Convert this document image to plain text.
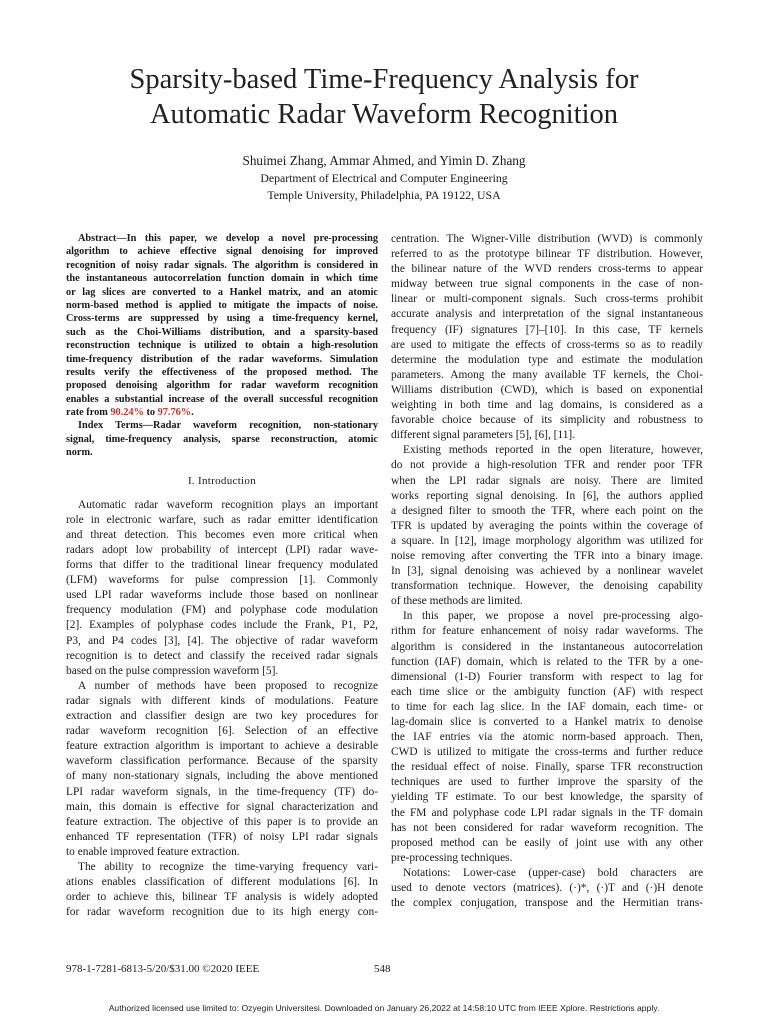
Sparsity-based Time-Frequency Analysis for
Automatic Radar Waveform Recognition
Shuimei Zhang, Ammar Ahmed, and Yimin D. Zhang
Department of Electrical and Computer Engineering
Temple University, Philadelphia, PA 19122, USA
Abstract—In this paper, we develop a novel pre-processing
algorithm to achieve effective signal denoising for improved
recognition of noisy radar signals. The algorithm is considered in
the instantaneous autocorrelation function domain in which time
or lag slices are converted to a Hankel matrix, and an atomic
norm-based method is applied to mitigate the impacts of noise.
Cross-terms are suppressed by using a time-frequency kernel,
such as the Choi-Williams distribution, and a sparsity-based
reconstruction technique is utilized to obtain a high-resolution
time-frequency distribution of the radar waveforms. Simulation
results verify the effectiveness of the proposed method. The
proposed denoising algorithm for radar waveform recognition
enables a substantial increase of the overall successful recognition
rate from 90.24% to 97.76%.
Index Terms—Radar waveform recognition, non-stationary
signal, time-frequency analysis, sparse reconstruction, atomic
norm.
I. Introduction
Automatic radar waveform recognition plays an important
role in electronic warfare, such as radar emitter identification
and threat detection. This becomes even more critical when
radars adopt low probability of intercept (LPI) radar wave-
forms that differ to the traditional linear frequency modulated
(LFM) waveforms for pulse compression [1]. Commonly
used LPI radar waveforms include those based on nonlinear
frequency modulation (FM) and polyphase code modulation
[2]. Examples of polyphase codes include the Frank, P1, P2,
P3, and P4 codes [3], [4]. The objective of radar waveform
recognition is to detect and classify the received radar signals
based on the pulse compression waveform [5].
A number of methods have been proposed to recognize
radar signals with different kinds of modulations. Feature
extraction and classifier design are two key procedures for
radar waveform recognition [6]. Selection of an effective
feature extraction algorithm is important to achieve a desirable
waveform classification performance. Because of the sparsity
of many non-stationary signals, including the above mentioned
LPI radar waveform signals, in the time-frequency (TF) do-
main, this domain is effective for signal characterization and
feature extraction. The objective of this paper is to provide an
enhanced TF representation (TFR) of noisy LPI radar signals
to enable improved feature extraction.
The ability to recognize the time-varying frequency vari-
ations enables classification of different modulations [6]. In
order to achieve this, bilinear TF analysis is widely adopted
for radar waveform recognition due to its high energy con-
centration. The Wigner-Ville distribution (WVD) is commonly
referred to as the prototype bilinear TF distribution. However,
the bilinear nature of the WVD renders cross-terms to appear
midway between true signal components in the case of non-
linear or multi-component signals. Such cross-terms prohibit
accurate analysis and interpretation of the signal instantaneous
frequency (IF) signatures [7]–[10]. In this case, TF kernels
are used to mitigate the effects of cross-terms so as to readily
determine the modulation type and estimate the modulation
parameters. Among the many available TF kernels, the Choi-
Williams distribution (CWD), which is based on exponential
weighting in both time and lag domains, is considered as a
favorable choice because of its simplicity and robustness to
different signal parameters [5], [6], [11].
Existing methods reported in the open literature, however,
do not provide a high-resolution TFR and render poor TFR
when the LPI radar signals are noisy. There are limited
works reporting signal denoising. In [6], the authors applied
a designed filter to smooth the TFR, where each point on the
TFR is updated by averaging the points within the coverage of
a square. In [12], image morphology algorithm was utilized for
noise removing after converting the TFR into a binary image.
In [3], signal denoising was achieved by a nonlinear wavelet
transformation technique. However, the denoising capability
of these methods are limited.
In this paper, we propose a novel pre-processing algo-
rithm for feature enhancement of noisy radar waveforms. The
algorithm is considered in the instantaneous autocorrelation
function (IAF) domain, which is related to the TFR by a one-
dimensional (1-D) Fourier transform with respect to lag for
each time slice or the ambiguity function (AF) with respect
to time for each lag slice. In the IAF domain, each time- or
lag-domain slice is converted to a Hankel matrix to denoise
the IAF entries via the atomic norm-based approach. Then,
CWD is utilized to mitigate the cross-terms and further reduce
the residual effect of noise. Finally, sparse TFR reconstruction
techniques are used to further improve the sparsity of the
yielding TF estimate. To our best knowledge, the sparsity of
the FM and polyphase code LPI radar signals in the TF domain
has not been considered for radar waveform recognition. The
proposed method can be easily of joint use with any other
pre-processing techniques.
Notations: Lower-case (upper-case) bold characters are
used to denote vectors (matrices). (·)*, (·)T and (·)H denote
the complex conjugation, transpose and the Hermitian trans-
978-1-7281-6813-5/20/$31.00 ©2020 IEEE	548
Authorized licensed use limited to: Ozyegin Universitesi. Downloaded on January 26,2022 at 14:58:10 UTC from IEEE Xplore. Restrictions apply.
